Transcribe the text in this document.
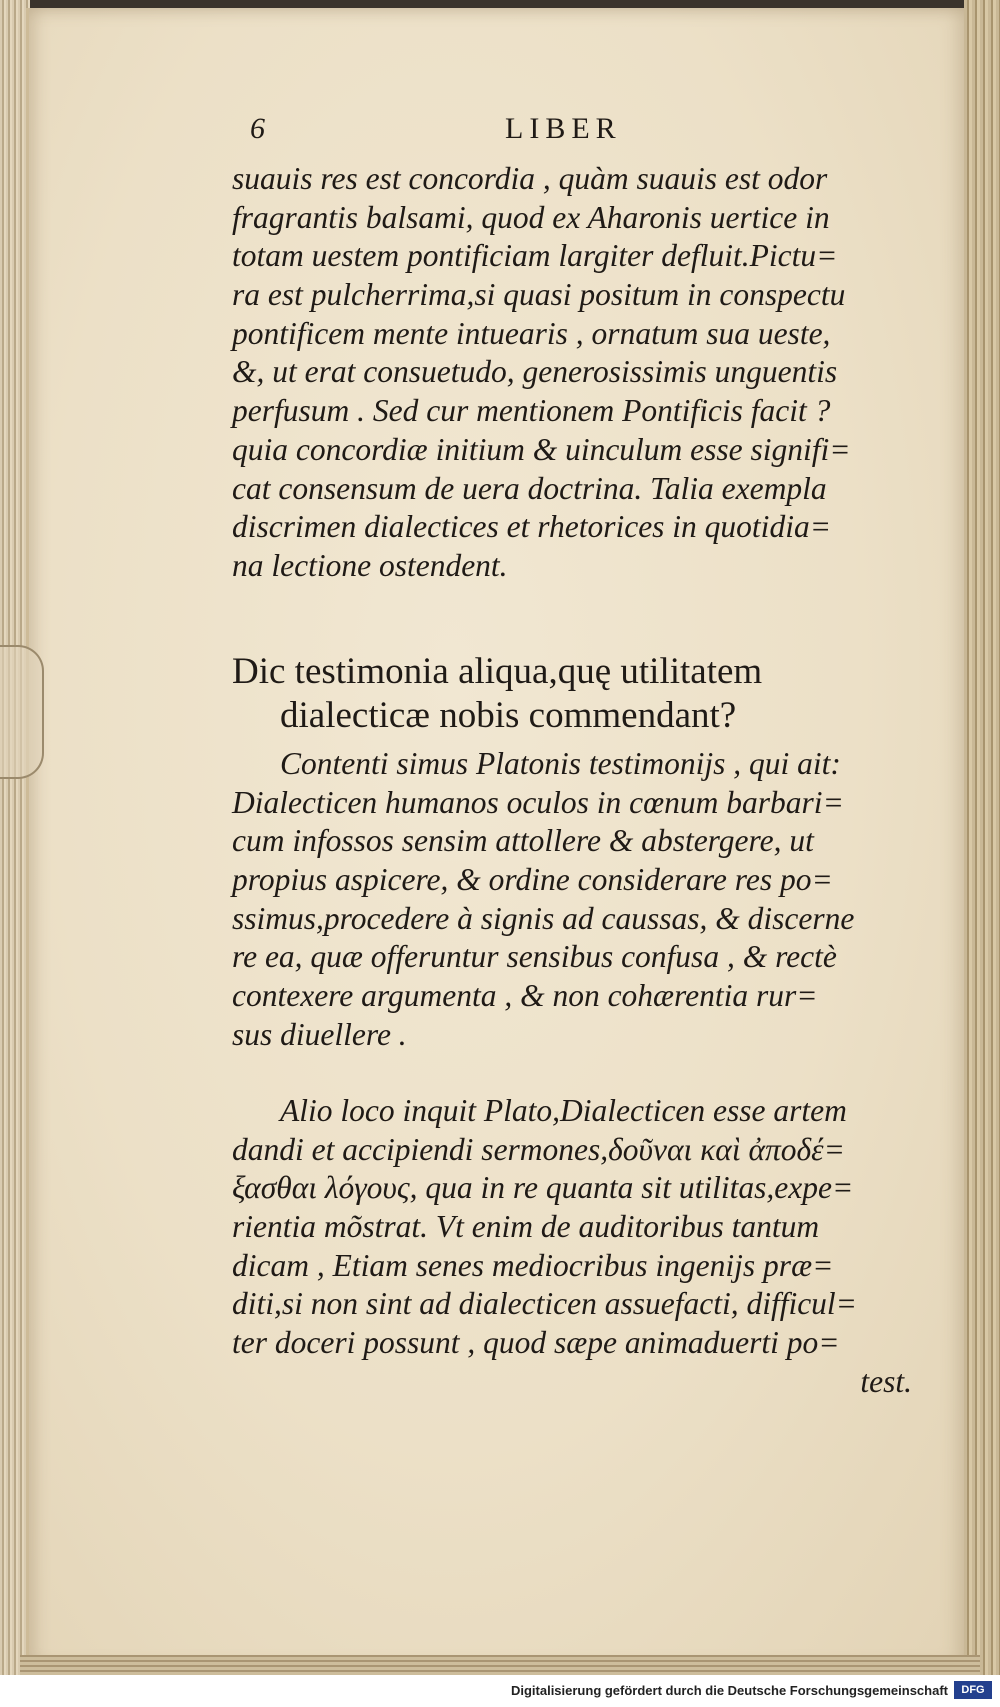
6	LIBER
suauis res est concordia , quàm suauis est odor
fragrantis balsami, quod ex Aharonis uertice in
totam uestem pontificiam largiter defluit.Pictu=
ra est pulcherrima,si quasi positum in conspectu
pontificem mente intuearis , ornatum sua ueste,
&, ut erat consuetudo, generosissimis unguentis
perfusum . Sed cur mentionem Pontificis facit ?
quia concordiæ initium & uinculum esse signifi=
cat consensum de uera doctrina. Talia exempla
discrimen dialectices et rhetorices in quotidia=
na lectione ostendent.
Dic testimonia aliqua,quę utilitatem
dialecticæ nobis commendant?
Contenti simus Platonis testimonijs , qui ait:
Dialecticen humanos oculos in cœnum barbari=
cum infossos sensim attollere & abstergere, ut
propius aspicere, & ordine considerare res po=
ssimus,procedere à signis ad caussas, & discerne
re ea, quæ offeruntur sensibus confusa , & rectè
contexere argumenta , & non cohærentia rur=
sus diuellere .
Alio loco inquit Plato,Dialecticen esse artem
dandi et accipiendi sermones,δοῦναι καὶ ἀποδέ=
ξασθαι λόγους, qua in re quanta sit utilitas,expe=
rientia mõstrat. Vt enim de auditoribus tantum
dicam , Etiam senes mediocribus ingenijs præ=
diti,si non sint ad dialecticen assuefacti, difficul=
ter doceri possunt , quod sæpe animaduerti po=
test.
Digitalisierung gefördert durch die Deutsche Forschungsgemeinschaft	DFG
